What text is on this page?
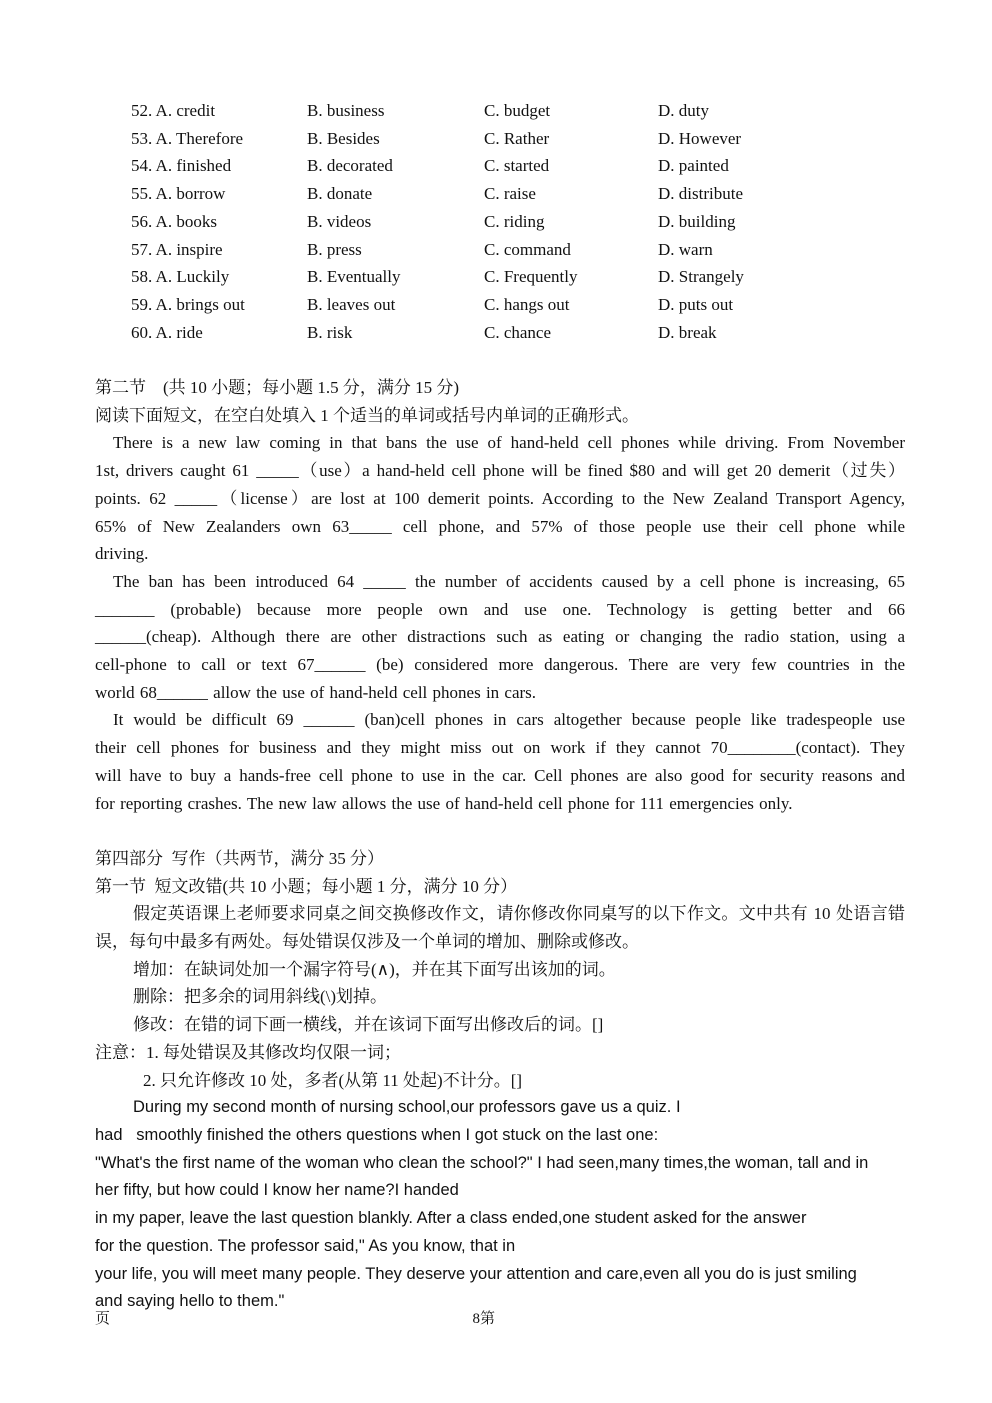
52. A. credit	B. business	C. budget	D. duty
53. A. Therefore	B. Besides	C. Rather	D. However
54. A. finished	B. decorated	C. started	D. painted
55. A. borrow	B. donate	C. raise	D. distribute
56. A. books	B. videos	C. riding	D. building
57. A. inspire	B. press	C. command	D. warn
58. A. Luckily	B. Eventually	C. Frequently	D. Strangely
59. A. brings out	B. leaves out	C. hangs out	D. puts out
60. A. ride	B. risk	C. chance	D. break
第二节　(共 10 小题；每小题 1.5 分，满分 15 分)
阅读下面短文，在空白处填入 1 个适当的单词或括号内单词的正确形式。
There is a new law coming in that bans the use of hand-held cell phones while driving. From November
1st, drivers caught 61 _____（use）a hand-held cell phone will be fined $80 and will get 20 demerit（过失）
points. 62 _____（license）are lost at 100 demerit points. According to the New Zealand Transport Agency,
65% of New Zealanders own 63_____ cell phone, and 57% of those people use their cell phone while
driving.
The ban has been introduced 64 _____ the number of accidents caused by a cell phone is increasing, 65
_______ (probable) because more people own and use one. Technology is getting better and 66
______(cheap). Although there are other distractions such as eating or changing the radio station, using a
cell-phone to call or text 67______ (be) considered more dangerous. There are very few countries in the
world 68______ allow the use of hand-held cell phones in cars.
It would be difficult 69 ______ (ban)cell phones in cars altogether because people like tradespeople use
their cell phones for business and they might miss out on work if they cannot 70________(contact). They
will have to buy a hands-free cell phone to use in the car. Cell phones are also good for security reasons and
for reporting crashes. The new law allows the use of hand-held cell phone for 111 emergencies only.
第四部分  写作（共两节，满分 35 分）
第一节  短文改错(共 10 小题；每小题 1 分，满分 10 分）
假定英语课上老师要求同桌之间交换修改作文，请你修改你同桌写的以下作文。文中共有 10 处语言错
误，每句中最多有两处。每处错误仅涉及一个单词的增加、删除或修改。
增加：在缺词处加一个漏字符号(∧)，并在其下面写出该加的词。
删除：把多余的词用斜线(\)划掉。
修改：在错的词下画一横线，并在该词下面写出修改后的词。[]
注意：1. 每处错误及其修改均仅限一词；
2. 只允许修改 10 处，多者(从第 11 处起)不计分。[]
During my second month of nursing school,our professors gave us a quiz. I
had   smoothly finished the others questions when I got stuck on the last one:
"What's the first name of the woman who clean the school?" I had seen,many times,the woman, tall and in
her fifty, but how could I know her name?I handed
in my paper, leave the last question blankly. After a class ended,one student asked for the answer
for the question. The professor said," As you know, that in
your life, you will meet many people. They deserve your attention and care,even all you do is just smiling
and saying hello to them."
页	8第
